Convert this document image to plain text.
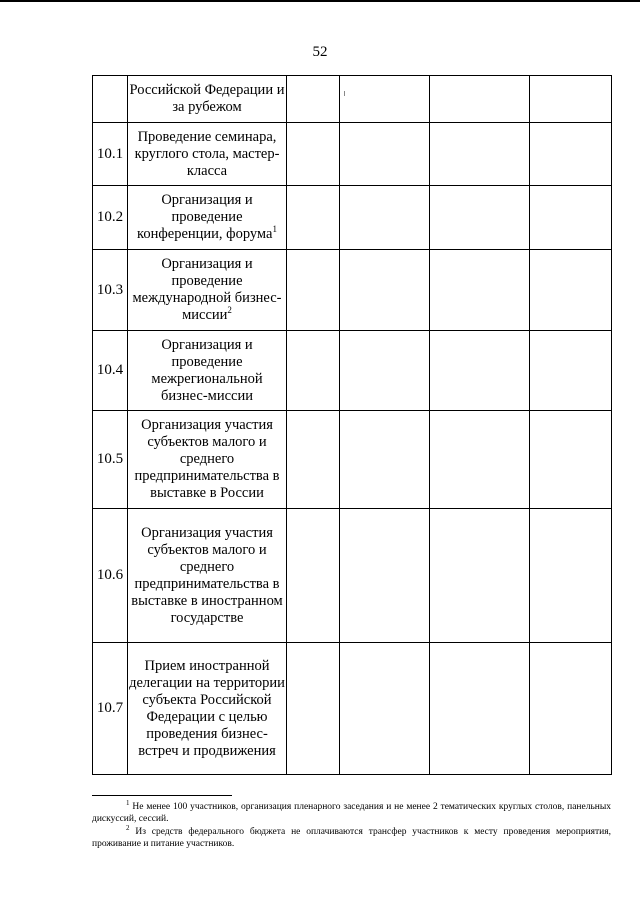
52
	Российской Федерации и за рубежом				
10.1	Проведение семинара, круглого стола, мастер-класса				
10.2	Организация и проведение конференции, форума$^1$				
10.3	Организация и проведение международной бизнес-миссии$^2$				
10.4	Организация и проведение межрегиональной бизнес-миссии				
10.5	Организация участия субъектов малого и среднего предпринимательства в выставке в России				
10.6	Организация участия субъектов малого и среднего предпринимательства в выставке в иностранном государстве				
10.7	Прием иностранной делегации на территории субъекта Российской Федерации с целью проведения бизнес-встреч и продвижения				
$^1$ Не менее 100 участников, организация пленарного заседания и не менее 2 тематических круглых столов, панельных дискуссий, сессий.
$^2$ Из средств федерального бюджета не оплачиваются трансфер участников к месту проведения мероприятия, проживание и питание участников.
